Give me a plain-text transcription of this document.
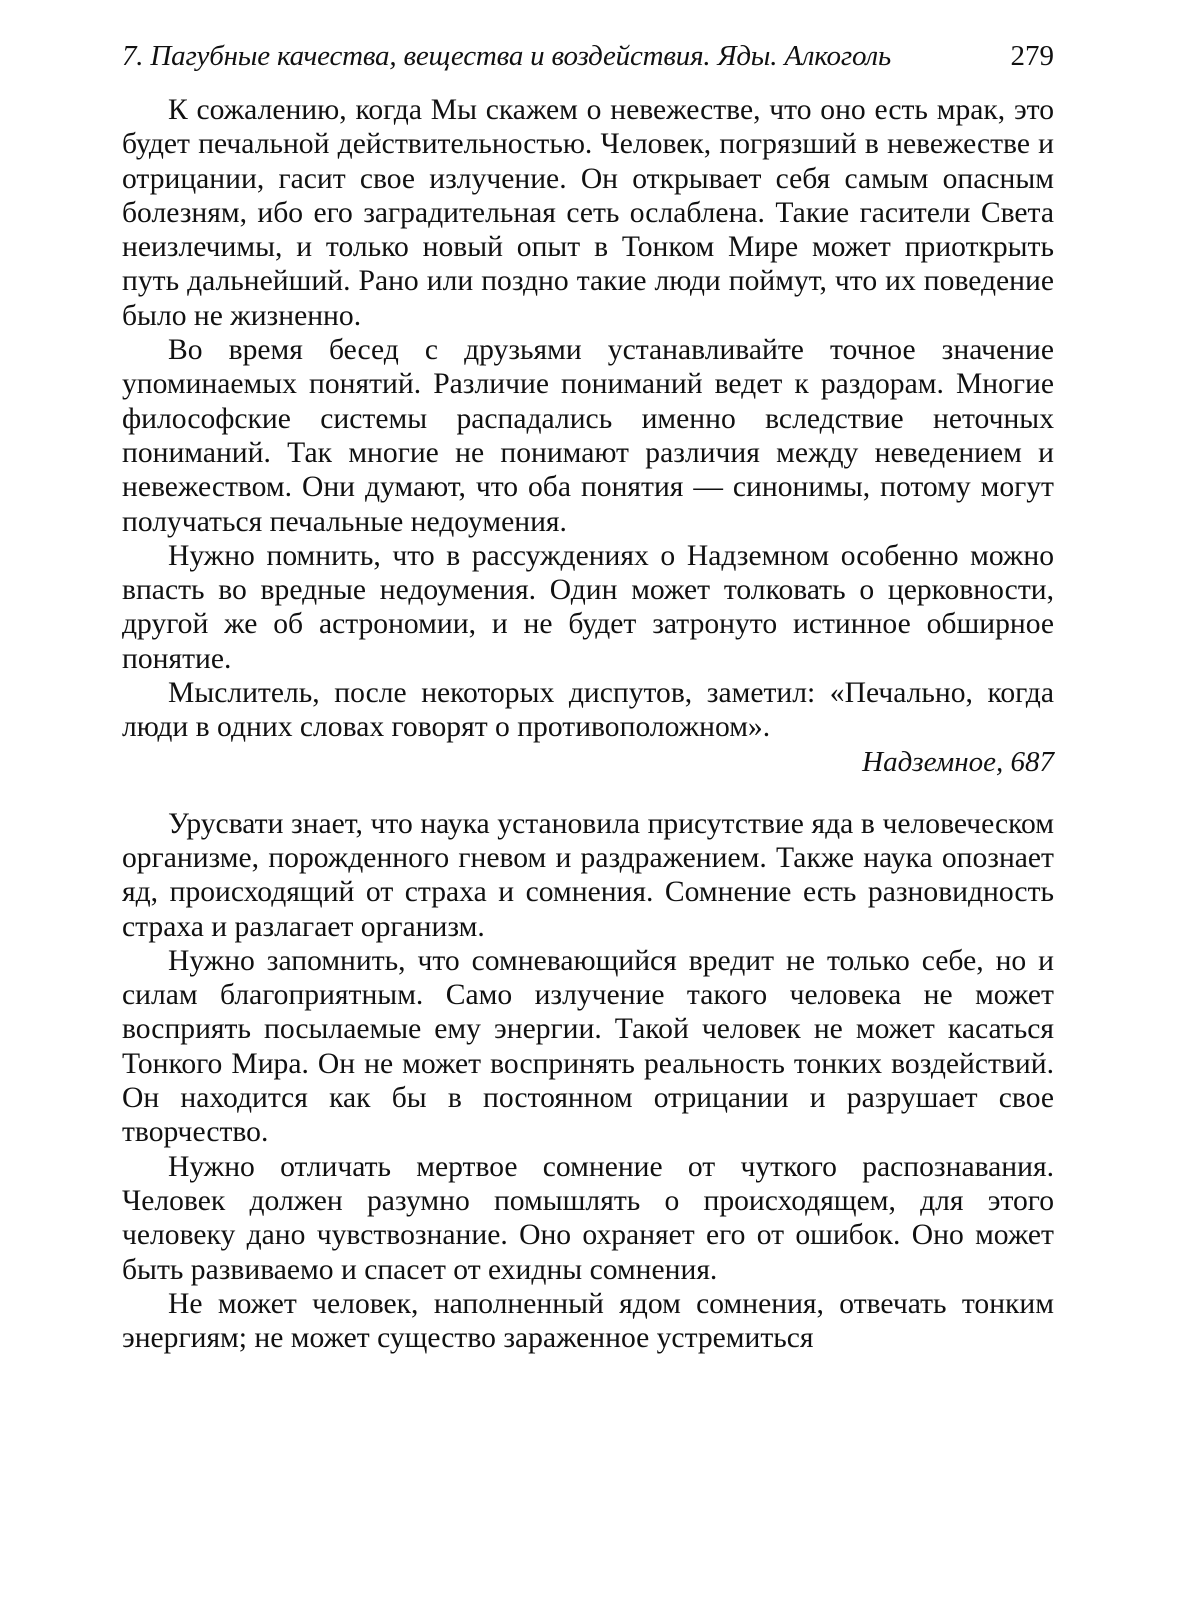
7. Пагубные качества, вещества и воздействия. Яды. Алкоголь	279

К сожалению, когда Мы скажем о невежестве, что оно есть мрак, это будет печальной действительностью. Человек, погрязший в невежестве и отрицании, гасит свое излучение. Он открывает себя самым опасным болезням, ибо его заградительная сеть ослаблена. Такие гасители Света неизлечимы, и только новый опыт в Тонком Мире может приоткрыть путь дальнейший. Рано или поздно такие люди поймут, что их поведение было не жизненно.

Во время бесед с друзьями устанавливайте точное значение упоминаемых понятий. Различие пониманий ведет к раздорам. Многие философские системы распадались именно вследствие неточных пониманий. Так многие не понимают различия между неведением и невежеством. Они думают, что оба понятия — синонимы, потому могут получаться печальные недоумения.

Нужно помнить, что в рассуждениях о Надземном особенно можно впасть во вредные недоумения. Один может толковать о церковности, другой же об астрономии, и не будет затронуто истинное обширное понятие.

Мыслитель, после некоторых диспутов, заметил: «Печально, когда люди в одних словах говорят о противоположном».

Надземное, 687

Урусвати знает, что наука установила присутствие яда в человеческом организме, порожденного гневом и раздражением. Также наука опознает яд, происходящий от страха и сомнения. Сомнение есть разновидность страха и разлагает организм.

Нужно запомнить, что сомневающийся вредит не только себе, но и силам благоприятным. Само излучение такого человека не может восприять посылаемые ему энергии. Такой человек не может касаться Тонкого Мира. Он не может воспринять реальность тонких воздействий. Он находится как бы в постоянном отрицании и разрушает свое творчество.

Нужно отличать мертвое сомнение от чуткого распознавания. Человек должен разумно помышлять о происходящем, для этого человеку дано чувствознание. Оно охраняет его от ошибок. Оно может быть развиваемо и спасет от ехидны сомнения.

Не может человек, наполненный ядом сомнения, отвечать тонким энергиям; не может существо зараженное устремиться
